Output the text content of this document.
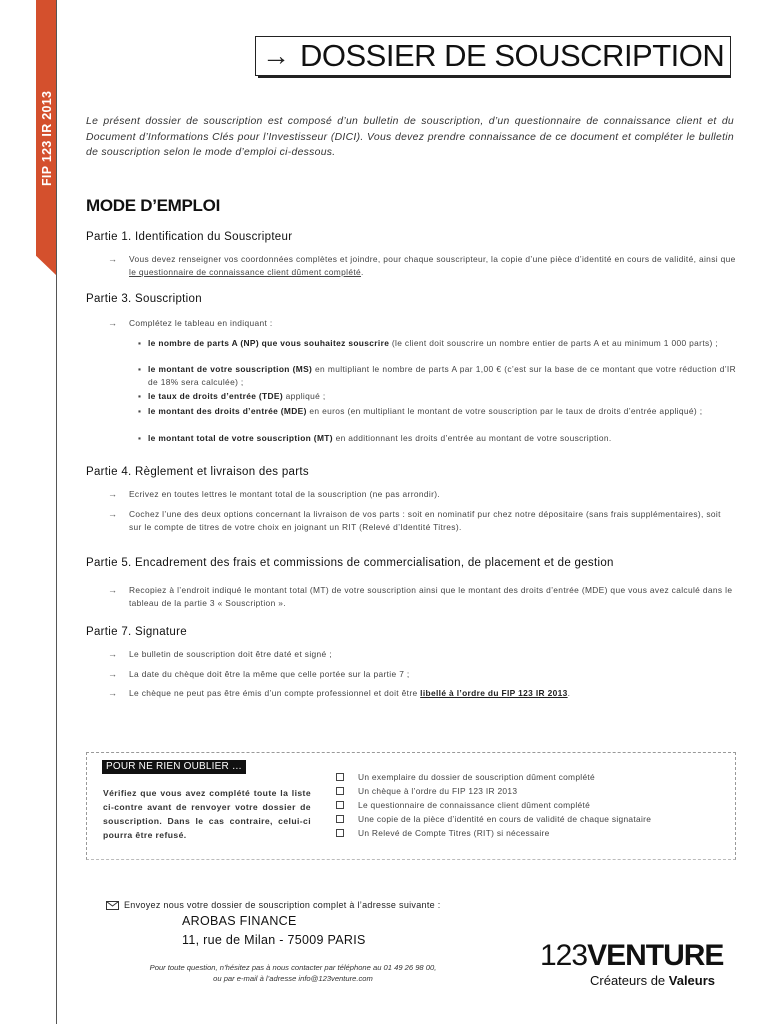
FIP 123 IR 2013
→ DOSSIER DE SOUSCRIPTION

Le présent dossier de souscription est composé d’un bulletin de souscription, d’un questionnaire de connaissance client et du Document d’Informations Clés pour l’Investisseur (DICI). Vous devez prendre connaissance de ce document et compléter le bulletin de souscription selon le mode d’emploi ci-dessous.

MODE D’EMPLOI
Partie 1. Identification du Souscripteur
→	Vous devez renseigner vos coordonnées complètes et joindre, pour chaque souscripteur, la copie d’une pièce d’identité en cours de validité, ainsi que le questionnaire de connaissance client dûment complété.
Partie 3. Souscription
→	Complétez le tableau en indiquant :
▪ le nombre de parts A (NP) que vous souhaitez souscrire (le client doit souscrire un nombre entier de parts A et au minimum 1 000 parts) ;
▪ le montant de votre souscription (MS) en multipliant le nombre de parts A par 1,00 € (c’est sur la base de ce montant que votre réduction d’IR de 18% sera calculée) ;
▪ le taux de droits d’entrée (TDE) appliqué ;
▪ le montant des droits d’entrée (MDE) en euros (en multipliant le montant de votre souscription par le taux de droits d’entrée appliqué) ;
▪ le montant total de votre souscription (MT) en additionnant les droits d’entrée au montant de votre souscription.
Partie 4. Règlement et livraison des parts
→	Ecrivez en toutes lettres le montant total de la souscription (ne pas arrondir).
→	Cochez l’une des deux options concernant la livraison de vos parts : soit en nominatif pur chez notre dépositaire (sans frais supplémentaires), soit sur le compte de titres de votre choix en joignant un RIT (Relevé d’Identité Titres).
Partie 5. Encadrement des frais et commissions de commercialisation, de placement et de gestion
→	Recopiez à l’endroit indiqué le montant total (MT) de votre souscription ainsi que le montant des droits d’entrée (MDE) que vous avez calculé dans le tableau de la partie 3 « Souscription ».
Partie 7. Signature
→	Le bulletin de souscription doit être daté et signé ;
→	La date du chèque doit être la même que celle portée sur la partie 7 ;
→	Le chèque ne peut pas être émis d’un compte professionnel et doit être libellé à l’ordre du FIP 123 IR 2013.
POUR NE RIEN OUBLIER …
Vérifiez que vous avez complété toute la liste ci-contre avant de renvoyer votre dossier de souscription. Dans le cas contraire, celui-ci pourra être refusé.
Un exemplaire du dossier de souscription dûment complété
Un chèque à l’ordre du FIP 123 IR 2013
Le questionnaire de connaissance client dûment complété
Une copie de la pièce d’identité en cours de validité de chaque signataire
Un Relevé de Compte Titres (RIT) si nécessaire
Envoyez nous votre dossier de souscription complet à l’adresse suivante :
AROBAS FINANCE
11, rue de Milan - 75009 PARIS
Pour toute question, n’hésitez pas à nous contacter par téléphone au 01 49 26 98 00,
ou par e-mail à l’adresse info@123venture.com
123VENTURE
Créateurs de Valeurs
